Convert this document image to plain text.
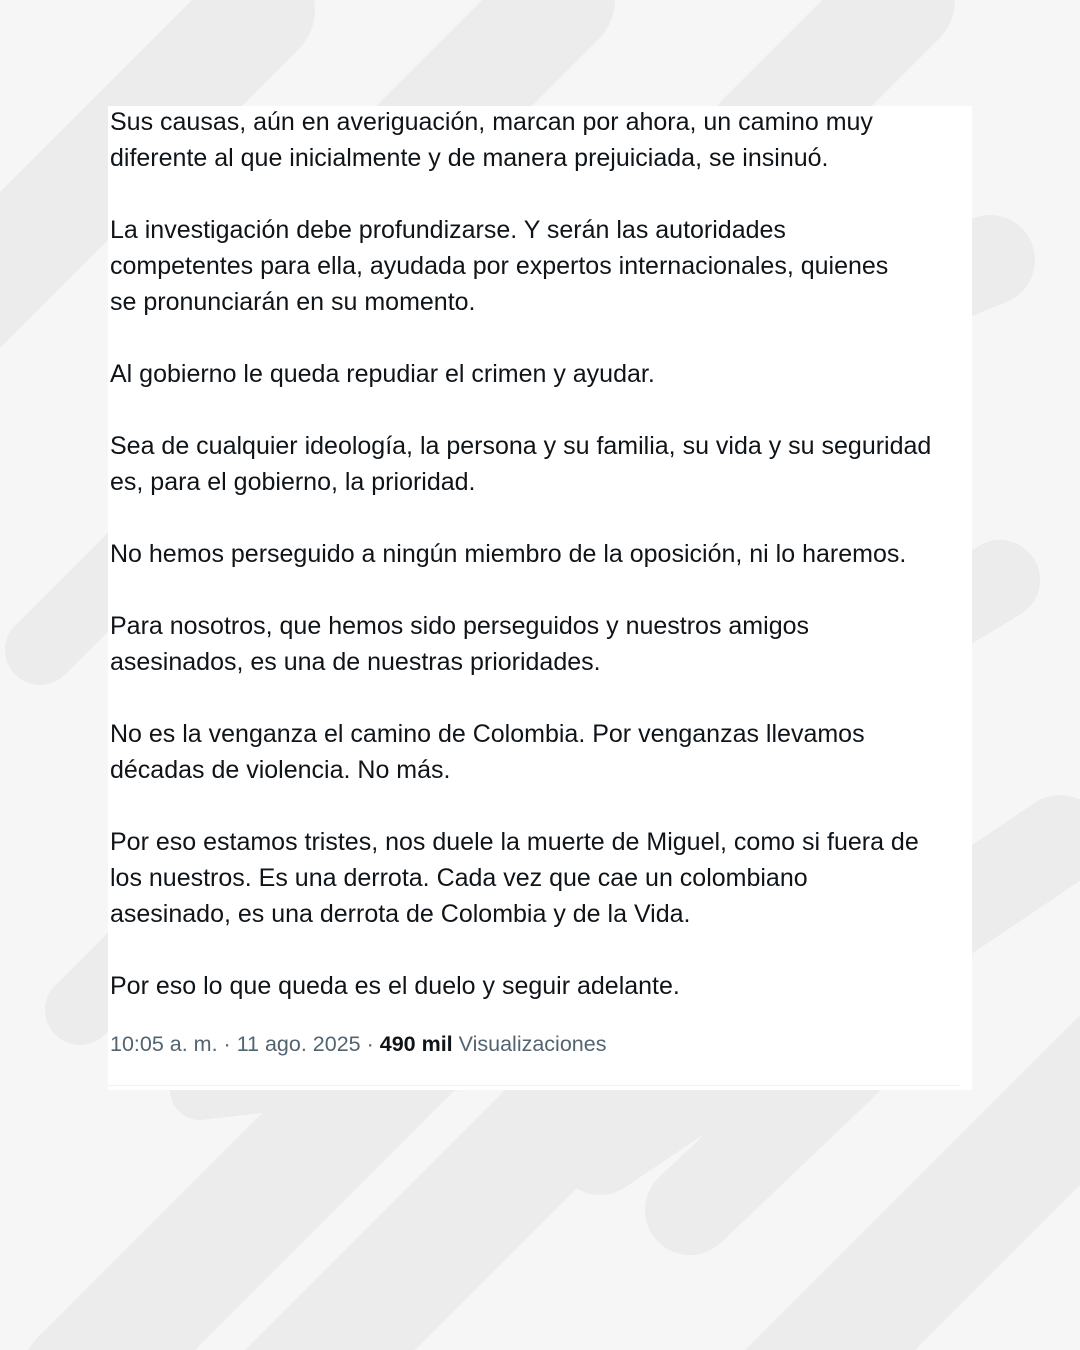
Sus causas, aún en averiguación, marcan por ahora, un camino muy
diferente al que inicialmente y de manera prejuiciada, se insinuó.

La investigación debe profundizarse. Y serán las autoridades
competentes para ella, ayudada por expertos internacionales, quienes
se pronunciarán en su momento.

Al gobierno le queda repudiar el crimen y ayudar.

Sea de cualquier ideología, la persona y su familia, su vida y su seguridad
es, para el gobierno, la prioridad.

No hemos perseguido a ningún miembro de la oposición, ni lo haremos.

Para nosotros, que hemos sido perseguidos y nuestros amigos
asesinados, es una de nuestras prioridades.

No es la venganza el camino de Colombia. Por venganzas llevamos
décadas de violencia. No más.

Por eso estamos tristes, nos duele la muerte de Miguel, como si fuera de
los nuestros. Es una derrota. Cada vez que cae un colombiano
asesinado, es una derrota de Colombia y de la Vida.

Por eso lo que queda es el duelo y seguir adelante.

10:05 a. m. · 11 ago. 2025 · 490 mil Visualizaciones
